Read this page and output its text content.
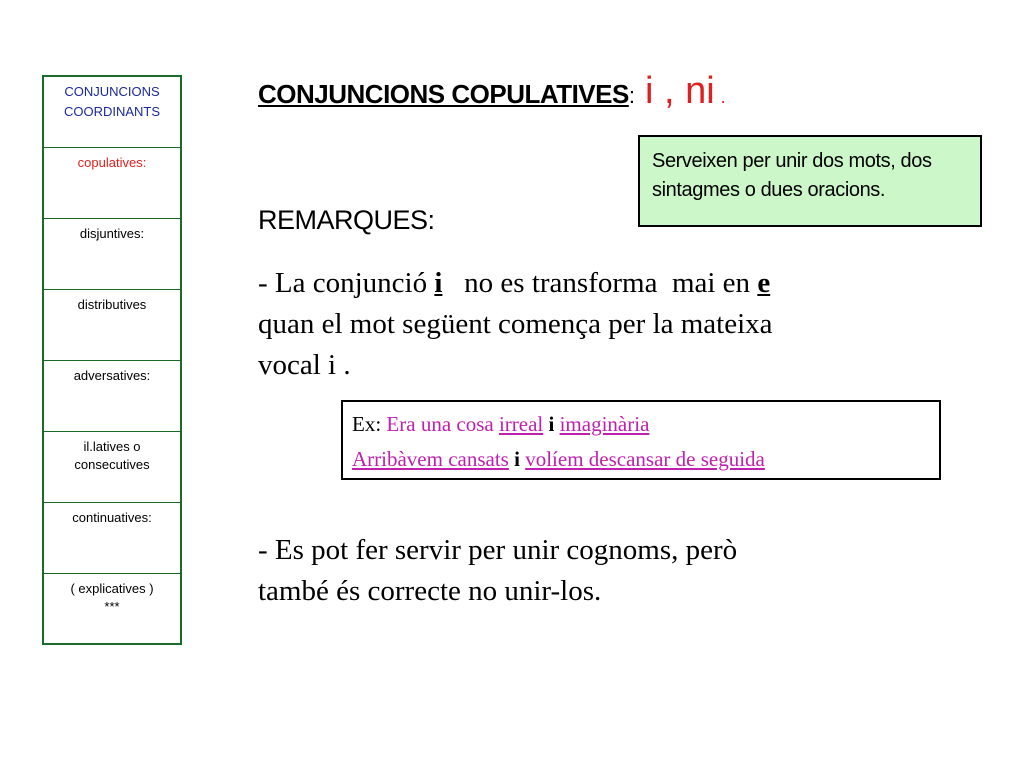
CONJUNCIONS
COORDINANTS
copulatives:
disjuntives:
distributives
adversatives:
il.latives o
consecutives
continuatives:
( explicatives )
***
CONJUNCIONS COPULATIVES: i , ni .
Serveixen per unir dos mots, dos
sintagmes o dues oracions.
REMARQUES:
- La conjunció i   no es transforma  mai en e
quan el mot següent comença per la mateixa
vocal i .
Ex: Era una cosa irreal i imaginària
Arribàvem cansats i volíem descansar de seguida
- Es pot fer servir per unir cognoms, però
també és correcte no unir-los.
